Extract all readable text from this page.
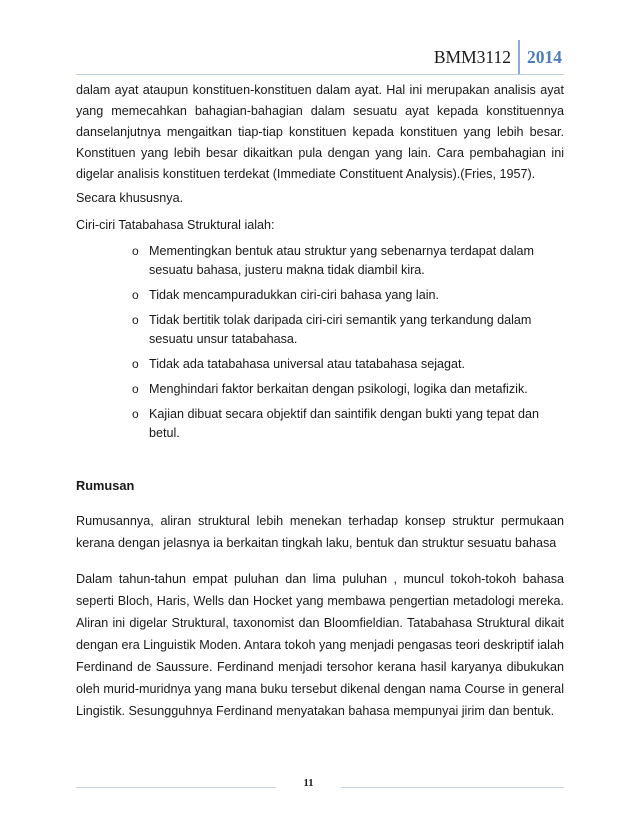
BMM3112 2014

dalam ayat ataupun konstituen-konstituen dalam ayat. Hal ini merupakan analisis ayat yang memecahkan bahagian-bahagian dalam sesuatu ayat kepada konstituennya danselanjutnya mengaitkan tiap-tiap konstituen kepada konstituen yang lebih besar. Konstituen yang lebih besar dikaitkan pula dengan yang lain. Cara pembahagian ini digelar analisis konstituen terdekat (Immediate Constituent Analysis).(Fries, 1957).

Secara khususnya.

Ciri-ciri Tatabahasa Struktural ialah:

o Mementingkan bentuk atau struktur yang sebenarnya terdapat dalam sesuatu bahasa, justeru makna tidak diambil kira.
o Tidak mencampuradukkan ciri-ciri bahasa yang lain.
o Tidak bertitik tolak daripada ciri-ciri semantik yang terkandung dalam sesuatu unsur tatabahasa.
o Tidak ada tatabahasa universal atau tatabahasa sejagat.
o Menghindari faktor berkaitan dengan psikologi, logika dan metafizik.
o Kajian dibuat secara objektif dan saintifik dengan bukti yang tepat dan betul.

Rumusan

Rumusannya, aliran struktural lebih menekan terhadap konsep struktur permukaan kerana dengan jelasnya ia berkaitan tingkah laku, bentuk dan struktur sesuatu bahasa

Dalam tahun-tahun empat puluhan dan lima puluhan , muncul tokoh-tokoh bahasa seperti Bloch, Haris, Wells dan Hocket yang membawa pengertian metadologi mereka. Aliran ini digelar Struktural, taxonomist dan Bloomfieldian. Tatabahasa Struktural dikait dengan era Linguistik Moden. Antara tokoh yang menjadi pengasas teori deskriptif ialah Ferdinand de Saussure. Ferdinand menjadi tersohor kerana hasil karyanya dibukukan oleh murid-muridnya yang mana buku tersebut dikenal dengan nama Course in general Lingistik. Sesungguhnya Ferdinand menyatakan bahasa mempunyai jirim dan bentuk.

11
